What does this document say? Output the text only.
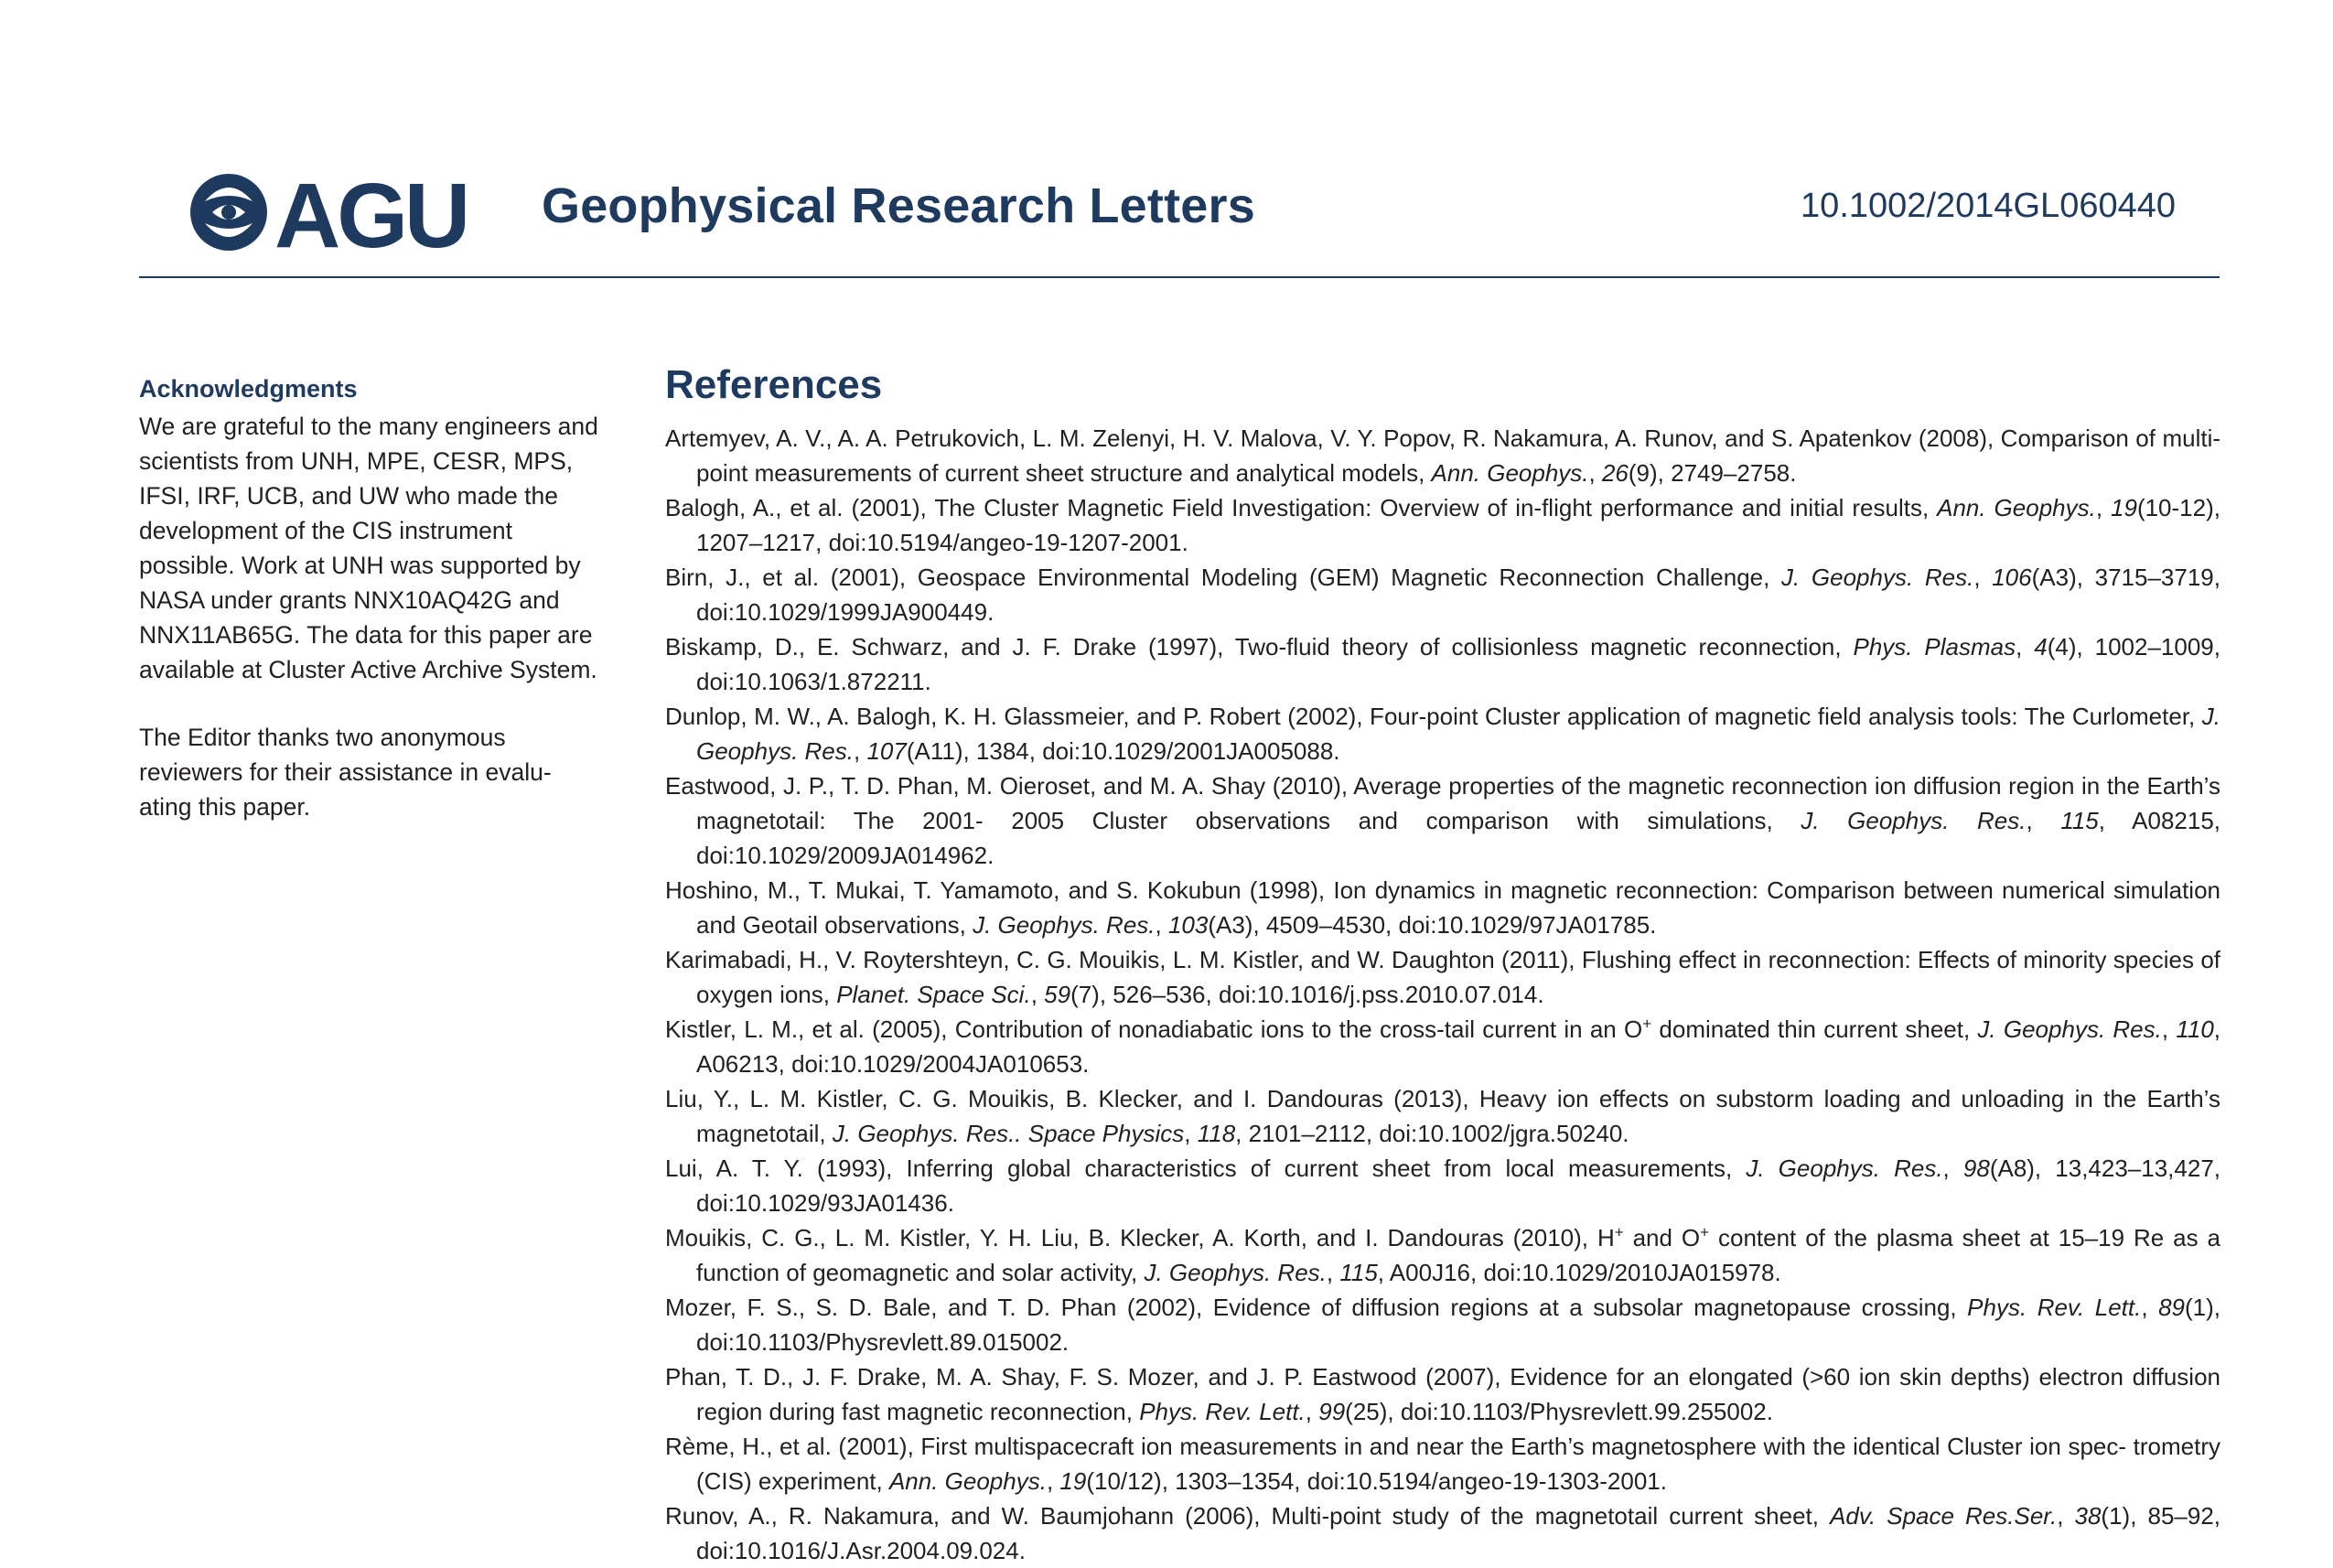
AGU Geophysical Research Letters	10.1002/2014GL060440

Acknowledgments

We are grateful to the many engineers and scientists from UNH, MPE, CESR, MPS, IFSI, IRF, UCB, and UW who made the development of the CIS instrument possible. Work at UNH was supported by NASA under grants NNX10AQ42G and NNX11AB65G. The data for this paper are available at Cluster Active Archive System.

The Editor thanks two anonymous reviewers for their assistance in evalu- ating this paper.

References

Artemyev, A. V., A. A. Petrukovich, L. M. Zelenyi, H. V. Malova, V. Y. Popov, R. Nakamura, A. Runov, and S. Apatenkov (2008), Comparison of multi-point measurements of current sheet structure and analytical models, Ann. Geophys., 26(9), 2749–2758.

Balogh, A., et al. (2001), The Cluster Magnetic Field Investigation: Overview of in-flight performance and initial results, Ann. Geophys., 19(10-12), 1207–1217, doi:10.5194/angeo-19-1207-2001.

Birn, J., et al. (2001), Geospace Environmental Modeling (GEM) Magnetic Reconnection Challenge, J. Geophys. Res., 106(A3), 3715–3719, doi:10.1029/1999JA900449.

Biskamp, D., E. Schwarz, and J. F. Drake (1997), Two-fluid theory of collisionless magnetic reconnection, Phys. Plasmas, 4(4), 1002–1009, doi:10.1063/1.872211.

Dunlop, M. W., A. Balogh, K. H. Glassmeier, and P. Robert (2002), Four-point Cluster application of magnetic field analysis tools: The Curlometer, J. Geophys. Res., 107(A11), 1384, doi:10.1029/2001JA005088.

Eastwood, J. P., T. D. Phan, M. Oieroset, and M. A. Shay (2010), Average properties of the magnetic reconnection ion diffusion region in the Earth’s magnetotail: The 2001- 2005 Cluster observations and comparison with simulations, J. Geophys. Res., 115, A08215, doi:10.1029/2009JA014962.

Hoshino, M., T. Mukai, T. Yamamoto, and S. Kokubun (1998), Ion dynamics in magnetic reconnection: Comparison between numerical simulation and Geotail observations, J. Geophys. Res., 103(A3), 4509–4530, doi:10.1029/97JA01785.

Karimabadi, H., V. Roytershteyn, C. G. Mouikis, L. M. Kistler, and W. Daughton (2011), Flushing effect in reconnection: Effects of minority species of oxygen ions, Planet. Space Sci., 59(7), 526–536, doi:10.1016/j.pss.2010.07.014.

Kistler, L. M., et al. (2005), Contribution of nonadiabatic ions to the cross-tail current in an O+ dominated thin current sheet, J. Geophys. Res., 110, A06213, doi:10.1029/2004JA010653.

Liu, Y., L. M. Kistler, C. G. Mouikis, B. Klecker, and I. Dandouras (2013), Heavy ion effects on substorm loading and unloading in the Earth’s magnetotail, J. Geophys. Res.. Space Physics, 118, 2101–2112, doi:10.1002/jgra.50240.

Lui, A. T. Y. (1993), Inferring global characteristics of current sheet from local measurements, J. Geophys. Res., 98(A8), 13,423–13,427, doi:10.1029/93JA01436.

Mouikis, C. G., L. M. Kistler, Y. H. Liu, B. Klecker, A. Korth, and I. Dandouras (2010), H+ and O+ content of the plasma sheet at 15–19 Re as a function of geomagnetic and solar activity, J. Geophys. Res., 115, A00J16, doi:10.1029/2010JA015978.

Mozer, F. S., S. D. Bale, and T. D. Phan (2002), Evidence of diffusion regions at a subsolar magnetopause crossing, Phys. Rev. Lett., 89(1), doi:10.1103/Physrevlett.89.015002.

Phan, T. D., J. F. Drake, M. A. Shay, F. S. Mozer, and J. P. Eastwood (2007), Evidence for an elongated (>60 ion skin depths) electron diffusion region during fast magnetic reconnection, Phys. Rev. Lett., 99(25), doi:10.1103/Physrevlett.99.255002.

Rème, H., et al. (2001), First multispacecraft ion measurements in and near the Earth’s magnetosphere with the identical Cluster ion spec- trometry (CIS) experiment, Ann. Geophys., 19(10/12), 1303–1354, doi:10.5194/angeo-19-1303-2001.

Runov, A., R. Nakamura, and W. Baumjohann (2006), Multi-point study of the magnetotail current sheet, Adv. Space Res.Ser., 38(1), 85–92, doi:10.1016/J.Asr.2004.09.024.
